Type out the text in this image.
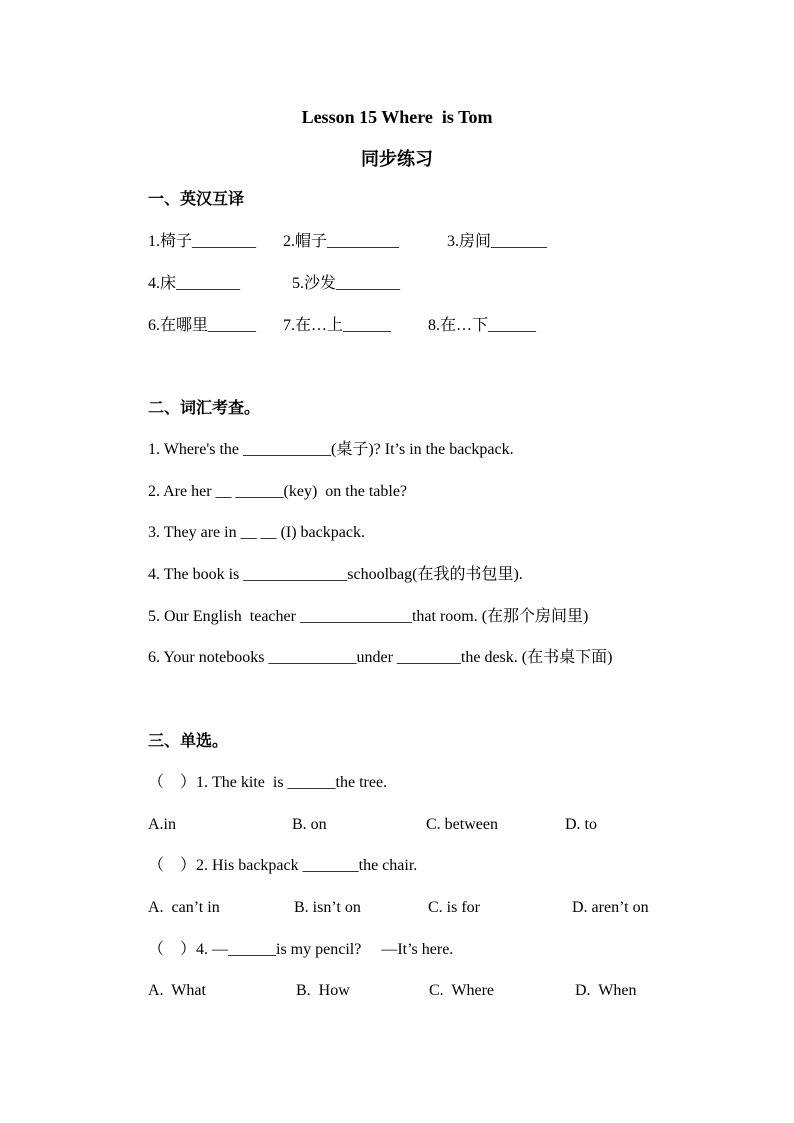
Lesson 15 Where  is Tom
同步练习
一、英汉互译
1.椅子________ 2.帽子_________	3.房间_______
4.床________	5.沙发________
6.在哪里______ 7.在…上______ 8.在…下______
二、词汇考查。
1. Where's the ___________(桌子)? It’s in the backpack.
2. Are her __ ______(key)  on the table?
3. They are in __ __ (I) backpack.
4. The book is _____________schoolbag(在我的书包里).
5. Our English  teacher ______________that room. (在那个房间里)
6. Your notebooks ___________under ________the desk. (在书桌下面)
三、单选。
（    ）1. The kite  is ______the tree.
A.in	B. on	C. between	D. to
（    ）2. His backpack _______the chair.
A.  can’t in	B. isn’t on	C. is for	D. aren’t on
（    ）4. —______is my pencil?     —It’s here.
A.  What	B.  How	C.  Where	D.  When
